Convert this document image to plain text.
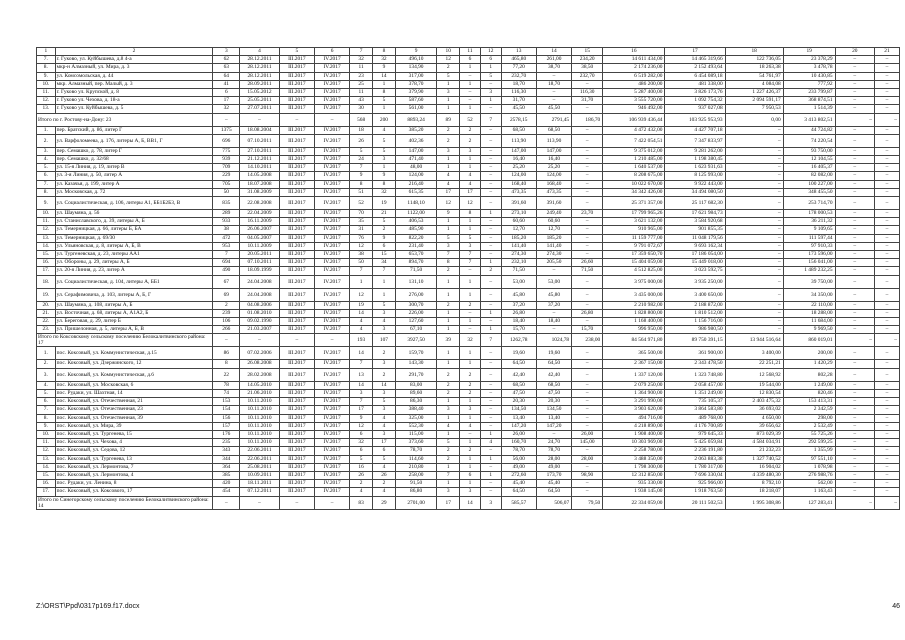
1	2	3	4	5	6	7	8	9	10	11	12	13	14	15	16	17	18	19	20	21
7.	г. Гуково, ул. Куйбышева, д.8 4-а	62	28.12.2011	III.2017	IV.2017	32	32	496,10	12	6	6	465,80	261,00	234,20	14 611 434,00	14 465 319,66	122 736,05	23 378,29	–	–
8.	мкр-н Алмазный, ул. Мира, д. 3	63	28.12.2011	III.2017	IV.2017	11	9	134,90	2	1	1	77,20	38,70	38,50	2 174 236,00	2 152 493,64	18 263,38	3 478,78	–	–
9.	ул. Комсомольская, д. 44	64	28.12.2011	III.2017	IV.2017	23	14	317,00	5	–	5	232,70	–	232,70	6 519 282,00	6 454 089,18	54 761,97	10 430,85	–	–
10.	мкр. Алмазный, пер. Малый, д. 3	41	28.09.2011	III.2017	IV.2017	25	1	378,70	1	1	–	18,70	18,70	–	486 200,00	481 338,00	4 084,08	777,92	–	–
11.	г. Гуково ул. Крупской, д. 8	6	15.05.2012	III.2017	IV.2017	11	8	379,90	3	–	3	116,30	–	116,30	5 287 400,00	3 826 173,76	1 227 426,37	233 799,87	–	–
12.	г. Гуково ул. Чехова, д. 18-а	17	25.05.2011	III.2017	IV.2017	43	5	587,60	1	–	1	31,70	–	31,70	3 555 720,00	1 092 754,32	2 094 591,17	368 874,51	–	–
13.	г. Гуково ул. Куйбышева, д. 5	32	27.07.2011	III.2017	IV.2017	30	1	561,00	1	1	–	45,50	45,50	–	946 492,00	937 027,08	7 950,53	1 514,39	–	–
Итого по г. Ростову-на-Дону: 23		–	–	–	–	568	200	8893,24	89	52	7	2578,15	2791,45	186,70	106 939 436,44	103 925 953,93	0,00	3 413 802,51	–	–
1.	пер. Братский, д. 86, литер Г	1375	18.08.2004	III.2017	IV.2017	18	4	385,20	2	2	–	68,50	68,50	–	4 472 432,00	4 427 707,18	–	44 724,82	–	–
2.	ул. Варфоломеева, д. 176, литеры А, Б, ВВ1, Г	696	07.10.2011	III.2017	IV.2017	26	5	402,36	2	2	–	113,90	113,90	–	7 422 054,51	7 347 833,97	–	74 220,54	–	–
3.	пер. Семашко, д. 78, литер Г	775	27.10.2011	III.2017	IV.2017	5	5	147,00	3	3	–	147,00	147,00	–	9 375 012,00	9 281 262,00	–	93 750,00	–	–
4.	пер. Семашко, д. 32/68	939	21.12.2011	III.2017	IV.2017	24	3	471,40	1	1	–	16,40	16,40	–	1 210 485,00	1 198 380,45	–	12 104,55	–	–
5.	ул. 15-я Линия, д. 19, литер В	709	14.10.2011	III.2017	IV.2017	7	1	48,00	1	1	–	25,20	25,20	–	1 640 537,00	1 623 931,63	–	16 405,37	–	–
6.	ул. 3-я Линия, д. 50, литер А	229	14.05.2008	III.2017	IV.2017	9	9	124,00	4	4	–	124,00	124,00	–	8 208 675,00	8 125 993,00	–	82 082,00	–	–
7.	ул. Казачья, д. 199, литер А	705	18.07.2008	III.2017	IV.2017	8	8	216,40	4	4	–	168,40	168,40	–	10 022 670,00	9 922 443,00	–	100 227,00	–	–
8.	ул. Московская, д. 72	50	31.08.2009	III.2017	IV.2017	51	32	615,35	17	17	–	473,35	473,35	–	34 342 426,00	34 494 080,50	–	348 455,50	–	–
9.	ул. Социалистическая, д. 106, литеры А1, ББ1Б2Б3, В	835	22.08.2008	III.2017	IV.2017	52	19	1148,10	12	12	–	391,60	391,60	–	25 371 357,00	25 117 682,30	–	253 714,70	–	–
10.	ул. Шаумяна, д. 56	289	22.04.2009	III.2017	IV.2017	70	21	1122,00	9	8	1	273,10	249,40	23,70	17 799 965,26	17 621 984,73	–	178 000,53	–	–
11.	ул. Станиславского, д. 39, литеры А, Б	933	16.11.2009	III.2017	IV.2017	35	5	406,53	1	1	–	60,60	60,60	–	3 621 132,00	3 584 920,68	–	36 211,32	–	–
12.	ул. Темерницкая, д. 66, литеры Б, БА	38	26.06.2007	III.2017	IV.2017	31	2	485,90	1	1	–	12,70	12,70	–	910 965,00	901 855,35	–	9 109,65	–	–
13.	ул. Темерницкая, д. 69/30	472	04.05.2007	III.2017	IV.2017	76	9	822,20	5	5	–	185,20	185,20	–	11 159 777,00	11 048 179,56	–	111 597,44	–	–
14.	ул. Ульяновская, д. 8, литеры А, Б, В	953	10.11.2009	III.2017	IV.2017	12	6	231,40	3	3	–	141,40	141,40	–	9 791 072,67	9 693 162,34	–	97 910,33	–	–
15.	ул. Тургеневская, д. 23, литеры АА1	7	20.05.2011	III.2017	IV.2017	38	15	653,70	7	7	–	274,30	274,30	–	17 359 650,70	17 186 054,00	–	173 596,00	–	–
16.	ул. Обороны, д. 29, литеры А, Б	694	07.10.2011	III.2017	IV.2017	50	34	894,70	8	7	1	232,10	205,50	26,60	15 404 059,00	15 449 018,00	–	156 041,00	–	–
17.	ул. 20-я Линия, д. 23, литер А	490	18.09.1999	III.2017	IV.2017	7	7	71,50	2	–	2	71,50	–	71,50	4 512 825,00	3 023 592,75	–	1 489 232,25	–	–
18.	ул. Социалистическая, д. 104, литеры А, ББ1	67	24.04.2008	III.2017	IV.2017	1	1	131,10	1	1	–	53,00	53,00	–	3 975 000,00	3 935 250,00	–	39 750,00	–	–
19.	ул. Серафимовича, д. 103, литеры А, Б, Г	69	24.04.2008	III.2017	IV.2017	12	1	276,00	1	1	–	45,80	45,80	–	3 435 000,00	3 400 650,00	–	34 350,00	–	–
20.	ул. Шаумяна, д. 108, литеры А, Б	2	04.08.2006	III.2017	IV.2017	19	5	300,70	2	2	–	37,20	37,20	–	2 210 982,00	2 188 872,00	–	22 110,00	–	–
21.	ул. Восточная, д. 68, литеры А, А1А2, Б	239	01.08.2010	III.2017	IV.2017	14	3	226,00	1	–	1	26,80	–	26,80	1 828 800,00	1 810 512,00	–	18 288,00	–	–
22.	ул. Береговая, д. 29, литер Б	106	09.02.1990	III.2017	IV.2017	4	4	127,60	1	1	–	18,40	18,40	–	1 168 400,00	1 156 716,00	–	11 684,00	–	–
23.	ул. Пришелонная, д. 5, литеры А, Б, В	266	21.03.2007	III.2017	IV.2017	4	3	67,10	1	–	1	15,70	–	15,70	996 950,00	986 980,50	–	9 969,50	–	–
Итого по Коксовскому сельскому поселению Белокалитвинского района: 17		–	–	–	–	193	107	3927,50	39	32	7	1262,78	1024,78	238,00	84 564 971,80	89 750 391,15	13 944 516,64	860 019,01	–	–
1.	пос. Коксовый, ул. Коммунистическая, д.15	86	07.02.2006	III.2017	IV.2017	14	2	159,70	1	1	–	19,60	19,60	–	365 500,00	361 900,00	3 400,00	200,00	–	–
2.	пос. Коксовый, ул. Дзержинского, 12	8	26.08.2008	III.2017	IV.2017	7	3	143,30	1	1	–	64,50	64,50	–	2 367 150,00	2 343 478,50	22 251,21	1 420,29	–	–
3.	пос. Коксовый, ул. Коммунистическая, д.6	22	28.02.2008	III.2017	IV.2017	13	2	291,70	2	2	–	42,40	42,40	–	1 337 120,00	1 323 748,80	12 568,92	802,28	–	–
4.	пос. Коксовый, ул. Московская, 6	78	14.05.2010	III.2017	IV.2017	14	14	83,00	2	2	–	68,50	68,50	–	2 079 250,00	2 058 457,00	19 544,00	1 249,00	–	–
5.	пос. Рудаки, ул. Шахтная, 14	74	21.06.2010	III.2017	IV.2017	3	3	89,60	2	2	–	47,50	47,50	–	1 364 900,00	1 351 249,00	12 830,54	820,46	–	–
6.	пос. Коксовый, ул. Отечественная, 21	153	10.11.2010	III.2017	IV.2017	7	5	86,30	1	1	–	20,30	20,30	–	3 291 990,00	735 105,37	2 403 475,32	153 413,31	–	–
7.	пос. Коксовый, ул. Отечественная, 23	154	10.11.2010	III.2017	IV.2017	17	3	388,40	3	3	–	134,50	134,50	–	3 903 620,00	3 864 583,80	36 693,02	2 342,59	–	–
8.	пос. Коксовый, ул. Отечественная, 39	156	10.11.2010	III.2017	IV.2017	9	4	325,00	1	1	–	13,40	13,40	–	494 716,00	489 768,00	4 650,00	298,00	–	–
9.	пос. Коксовый, ул. Мира, 39	157	10.11.2010	III.2017	IV.2017	12	4	552,30	4	4	–	147,20	147,20	–	4 218 890,00	4 176 700,89	39 656,62	2 532,49	–	–
10.	пос. Коксовый, ул. Тургенева, 15	176	10.11.2010	III.2017	IV.2017	6	3	115,00	1	–	1	26,00	–	26,00	1 908 400,00	979 645,33	873 029,39	55 725,26	–	–
11.	пос. Коксовый, ул. Чехова, 4	235	10.11.2010	III.2017	IV.2017	32	17	373,60	5	1	4	160,70	24,70	145,00	10 303 969,00	5 425 059,84	4 584 034,91	292 599,25	–	–
12.	пос. Коксовый, ул. Седова, 12	343	22.06.2011	III.2017	IV.2017	6	6	78,70	2	2	–	78,70	78,70	–	2 258 780,00	2 236 191,80	21 232,23	1 355,99	–	–
13.	пос. Коксовый, ул. Тургенева, 13	344	22.06.2011	III.2017	IV.2017	5	5	114,60	2	1	1	56,00	28,00	28,00	3 488 350,00	2 063 883,38	1 327 740,52	97 551,10	–	–
14.	пос. Коксовый, ул. Лермонтова, 7	364	25.08.2011	III.2017	IV.2017	16	4	210,80	1	1	–	49,00	49,00	–	1 798 300,00	1 780 317,00	16 904,02	1 078,98	–	–
15.	пос. Коксовый, ул. Лермонтова, 4	385	10.09.2011	III.2017	IV.2017	26	26	258,00	7	6	1	272,60	173,70	98,90	12 312 850,00	7 696 330,04	4 339 480,30	276 988,76	–	–
16.	пос. Рудаки, ул. Ленина, 8	420	18.11.2011	III.2017	IV.2017	2	2	91,50	1	1	–	45,40	45,40	–	935 330,00	925 966,00	8 792,10	562,00	–	–
17.	пос. Коксовый, ул. Коксового, 17	454	07.12.2011	III.2017	IV.2017	4	4	86,80	3	3	–	64,50	64,50	–	1 938 145,00	1 918 763,50	18 218,07	1 163,43	–	–
Итого по Синегорскому сельскому поселению Белокалитвинского района: 14		–	–	–	–	83	29	2701,00	17	14	3	585,57	506,07	79,50	22 334 059,00	20 111 502,53	1 995 308,86	127 283,41	–	–
Z:\ORST\Ppd\0317p169.f17.docx	46
